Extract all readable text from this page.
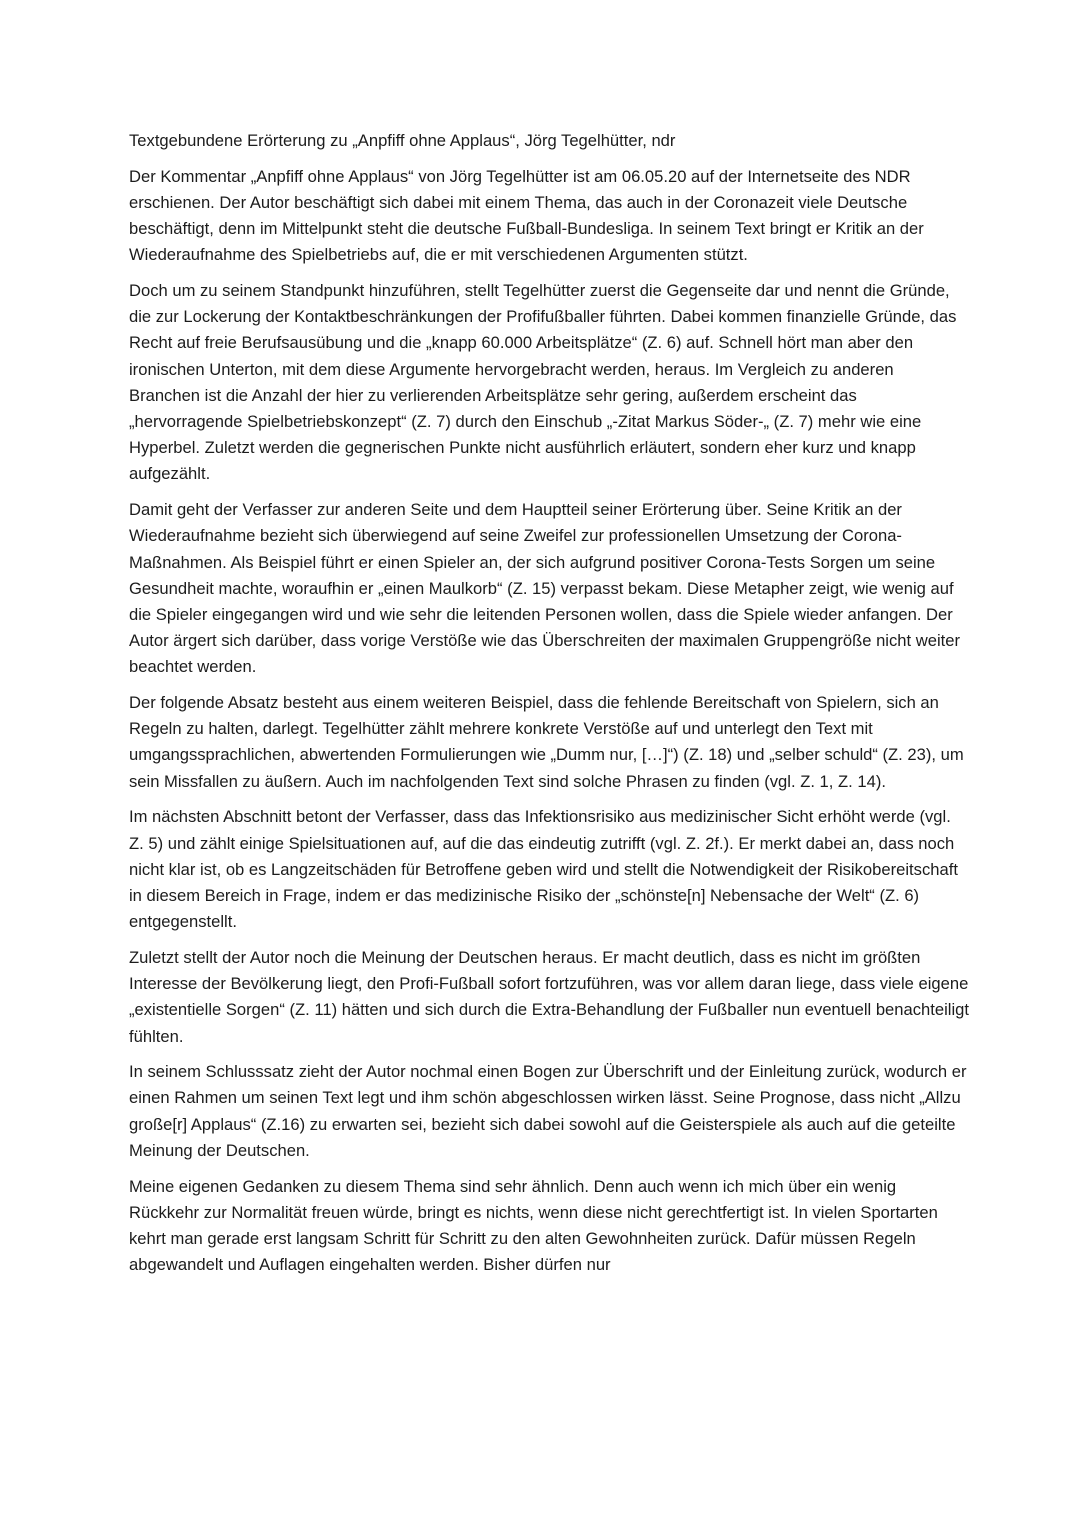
Textgebundene Erörterung zu „Anpfiff ohne Applaus“, Jörg Tegelhütter, ndr

Der Kommentar „Anpfiff ohne Applaus“ von Jörg Tegelhütter ist am 06.05.20 auf der Internetseite des NDR erschienen. Der Autor beschäftigt sich dabei mit einem Thema, das auch in der Coronazeit viele Deutsche beschäftigt, denn im Mittelpunkt steht die deutsche Fußball-Bundesliga. In seinem Text bringt er Kritik an der Wiederaufnahme des Spielbetriebs auf, die er mit verschiedenen Argumenten stützt.

Doch um zu seinem Standpunkt hinzuführen, stellt Tegelhütter zuerst die Gegenseite dar und nennt die Gründe, die zur Lockerung der Kontaktbeschränkungen der Profifußballer führten. Dabei kommen finanzielle Gründe, das Recht auf freie Berufsausübung und die „knapp 60.000 Arbeitsplätze“ (Z. 6) auf. Schnell hört man aber den ironischen Unterton, mit dem diese Argumente hervorgebracht werden, heraus. Im Vergleich zu anderen Branchen ist die Anzahl der hier zu verlierenden Arbeitsplätze sehr gering, außerdem erscheint das „hervorragende Spielbetriebskonzept“ (Z. 7) durch den Einschub „-Zitat Markus Söder-„ (Z. 7) mehr wie eine Hyperbel. Zuletzt werden die gegnerischen Punkte nicht ausführlich erläutert, sondern eher kurz und knapp aufgezählt.

Damit geht der Verfasser zur anderen Seite und dem Hauptteil seiner Erörterung über. Seine Kritik an der Wiederaufnahme bezieht sich überwiegend auf seine Zweifel zur professionellen Umsetzung der Corona-Maßnahmen. Als Beispiel führt er einen Spieler an, der sich aufgrund positiver Corona-Tests Sorgen um seine Gesundheit machte, woraufhin er „einen Maulkorb“ (Z. 15) verpasst bekam. Diese Metapher zeigt, wie wenig auf die Spieler eingegangen wird und wie sehr die leitenden Personen wollen, dass die Spiele wieder anfangen. Der Autor ärgert sich darüber, dass vorige Verstöße wie das Überschreiten der maximalen Gruppengröße nicht weiter beachtet werden.

Der folgende Absatz besteht aus einem weiteren Beispiel, dass die fehlende Bereitschaft von Spielern, sich an Regeln zu halten, darlegt. Tegelhütter zählt mehrere konkrete Verstöße auf und unterlegt den Text mit umgangssprachlichen, abwertenden Formulierungen wie „Dumm nur, […]“) (Z. 18) und „selber schuld“ (Z. 23), um sein Missfallen zu äußern. Auch im nachfolgenden Text sind solche Phrasen zu finden (vgl. Z. 1, Z. 14).

Im nächsten Abschnitt betont der Verfasser, dass das Infektionsrisiko aus medizinischer Sicht erhöht werde (vgl. Z. 5) und zählt einige Spielsituationen auf, auf die das eindeutig zutrifft (vgl. Z. 2f.). Er merkt dabei an, dass noch nicht klar ist, ob es Langzeitschäden für Betroffene geben wird und stellt die Notwendigkeit der Risikobereitschaft in diesem Bereich in Frage, indem er das medizinische Risiko der „schönste[n] Nebensache der Welt“ (Z. 6) entgegenstellt.

Zuletzt stellt der Autor noch die Meinung der Deutschen heraus. Er macht deutlich, dass es nicht im größten Interesse der Bevölkerung liegt, den Profi-Fußball sofort fortzuführen, was vor allem daran liege, dass viele eigene „existentielle Sorgen“ (Z. 11) hätten und sich durch die Extra-Behandlung der Fußballer nun eventuell benachteiligt fühlten.

In seinem Schlusssatz zieht der Autor nochmal einen Bogen zur Überschrift und der Einleitung zurück, wodurch er einen Rahmen um seinen Text legt und ihm schön abgeschlossen wirken lässt. Seine Prognose, dass nicht „Allzu große[r] Applaus“ (Z.16) zu erwarten sei, bezieht sich dabei sowohl auf die Geisterspiele als auch auf die geteilte Meinung der Deutschen.

Meine eigenen Gedanken zu diesem Thema sind sehr ähnlich. Denn auch wenn ich mich über ein wenig Rückkehr zur Normalität freuen würde, bringt es nichts, wenn diese nicht gerechtfertigt ist. In vielen Sportarten kehrt man gerade erst langsam Schritt für Schritt zu den alten Gewohnheiten zurück. Dafür müssen Regeln abgewandelt und Auflagen eingehalten werden. Bisher dürfen nur
